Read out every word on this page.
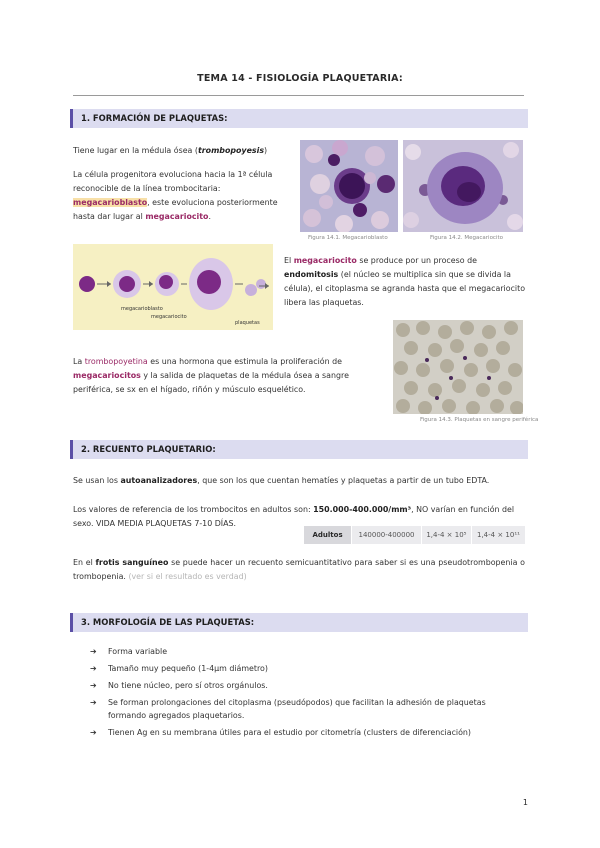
TEMA 14 - FISIOLOGÍA PLAQUETARIA:
1. FORMACIÓN DE PLAQUETAS:
Tiene lugar en la médula ósea (trombopoyesis)
La célula progenitora evoluciona hacia la 1ª célula reconocible de la línea trombocitaria: megacarioblasto, este evoluciona posteriormente hasta dar lugar al megacariocito.
Figura 14.1. Megacarioblasto	Figura 14.2. Megacariocito
megacarioblasto
megacariocito
plaquetas
El megacariocito se produce por un proceso de endomitosis (el núcleo se multiplica sin que se divida la célula), el citoplasma se agranda hasta que el megacariocito libera las plaquetas.
Figura 14.3. Plaquetas en sangre periférica
La trombopoyetina es una hormona que estimula la proliferación de megacariocitos y la salida de plaquetas de la médula ósea a sangre periférica, se sx en el hígado, riñón y músculo esquelético.
2. RECUENTO PLAQUETARIO:
Se usan los autoanalizadores, que son los que cuentan hematíes y plaquetas a partir de un tubo EDTA.
Los valores de referencia de los trombocitos en adultos son: 150.000-400.000/mm³, NO varían en función del sexo. VIDA MEDIA PLAQUETAS 7-10 DÍAS.
Adultos	140000-400000	1,4-4 × 10⁵	1,4-4 × 10¹¹
En el frotis sanguíneo se puede hacer un recuento semicuantitativo para saber si es una pseudotrombopenia o trombopenia. (ver si el resultado es verdad)
3. MORFOLOGÍA DE LAS PLAQUETAS:
➔ Forma variable
➔ Tamaño muy pequeño (1-4μm diámetro)
➔ No tiene núcleo, pero sí otros orgánulos.
➔ Se forman prolongaciones del citoplasma (pseudópodos) que facilitan la adhesión de plaquetas formando agregados plaquetarios.
➔ Tienen Ag en su membrana útiles para el estudio por citometría (clusters de diferenciación)
1
